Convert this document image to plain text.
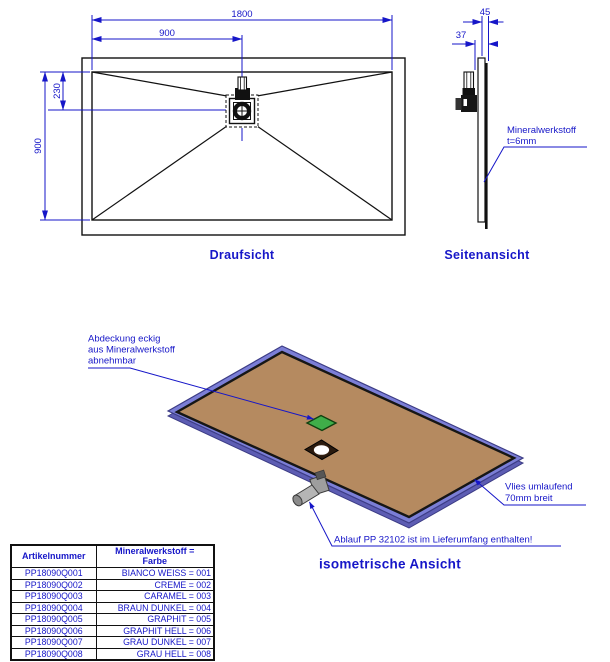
1800
900
900
230
Draufsicht
45
37
Mineralwerkstoff
t=6mm
Seitenansicht
Abdeckung eckig
aus Mineralwerkstoff
abnehmbar
Vlies umlaufend
70mm breit
Ablauf PP 32102 ist im Lieferumfang enthalten!
isometrische Ansicht
Artikelnummer	Mineralwerkstoff =
Farbe

PP18090Q001	BIANCO WEISS = 001
PP18090Q002	CREME = 002
PP18090Q003	CARAMEL = 003
PP18090Q004	BRAUN DUNKEL = 004
PP18090Q005	GRAPHIT = 005
PP18090Q006	GRAPHIT HELL = 006
PP18090Q007	GRAU DUNKEL = 007
PP18090Q008	GRAU HELL = 008
